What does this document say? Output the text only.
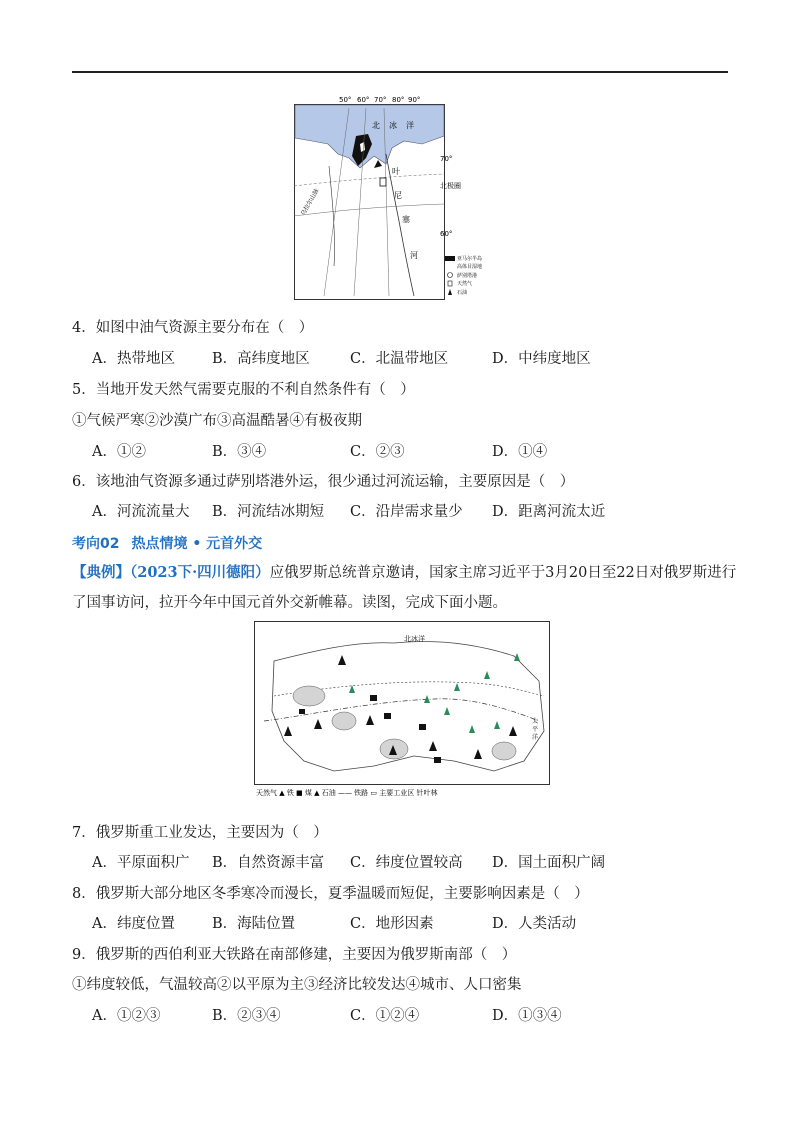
50° 60° 70° 80° 90°
70°
60°
北极圈
北 冰 洋
叶
尼
塞
河
乌拉尔山脉
亚马尔半岛
高体目湿地
萨别塔港
天然气
石油
4．如图中油气资源主要分布在（　）
A．热带地区	B．高纬度地区	C．北温带地区	D．中纬度地区
5．当地开发天然气需要克服的不利自然条件有（　）
①气候严寒②沙漠广布③高温酷暑④有极夜期
A．①②	B．③④	C．②③	D．①④
6．该地油气资源多通过萨别塔港外运，很少通过河流运输，主要原因是（　）
A．河流流量大 B．河流结冰期短 C．沿岸需求量少 D．距离河流太近
考向02 热点情境 • 元首外交
【典例】（2023下·四川德阳）应俄罗斯总统普京邀请，国家主席习近平于3月20日至22日对俄罗斯进行
了国事访问，拉开今年中国元首外交新帷幕。读图，完成下面小题。
北冰洋
太
平
洋
天然气 ▲ 铁 ■ 煤 ▲ 石油 —— 铁路 ▭ 主要工业区 针叶林
7．俄罗斯重工业发达，主要因为（　）
A．平原面积广 B．自然资源丰富 C．纬度位置较高 D．国土面积广阔
8．俄罗斯大部分地区冬季寒冷而漫长，夏季温暖而短促，主要影响因素是（　）
A．纬度位置	B．海陆位置	C．地形因素	D．人类活动
9．俄罗斯的西伯利亚大铁路在南部修建，主要因为俄罗斯南部（　）
①纬度较低，气温较高②以平原为主③经济比较发达④城市、人口密集
A．①②③	B．②③④	C．①②④	D．①③④
